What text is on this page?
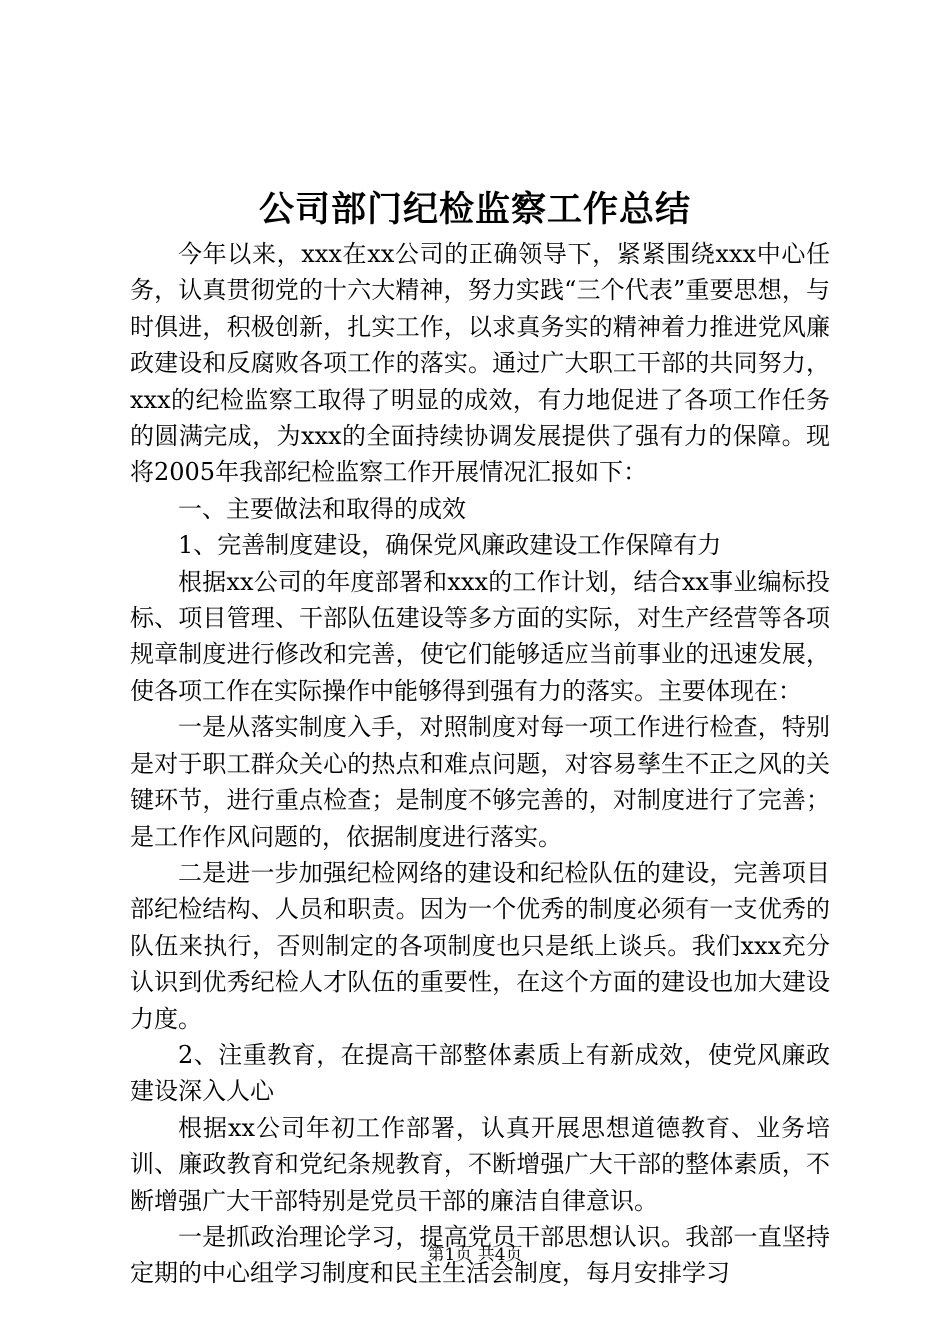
公司部门纪检监察工作总结

今年以来，xxx在xx公司的正确领导下，紧紧围绕xxx中心任务，认真贯彻党的十六大精神，努力实践“三个代表”重要思想，与时俱进，积极创新，扎实工作，以求真务实的精神着力推进党风廉政建设和反腐败各项工作的落实。通过广大职工干部的共同努力，xxx的纪检监察工取得了明显的成效，有力地促进了各项工作任务的圆满完成，为xxx的全面持续协调发展提供了强有力的保障。现将2005年我部纪检监察工作开展情况汇报如下：

一、主要做法和取得的成效

1、完善制度建设，确保党风廉政建设工作保障有力

根据xx公司的年度部署和xxx的工作计划，结合xx事业编标投标、项目管理、干部队伍建设等多方面的实际，对生产经营等各项规章制度进行修改和完善，使它们能够适应当前事业的迅速发展，使各项工作在实际操作中能够得到强有力的落实。主要体现在：

一是从落实制度入手，对照制度对每一项工作进行检查，特别是对于职工群众关心的热点和难点问题，对容易孳生不正之风的关键环节，进行重点检查；是制度不够完善的，对制度进行了完善；是工作作风问题的，依据制度进行落实。

二是进一步加强纪检网络的建设和纪检队伍的建设，完善项目部纪检结构、人员和职责。因为一个优秀的制度必须有一支优秀的队伍来执行，否则制定的各项制度也只是纸上谈兵。我们xxx充分认识到优秀纪检人才队伍的重要性，在这个方面的建设也加大建设力度。

2、注重教育，在提高干部整体素质上有新成效，使党风廉政建设深入人心

根据xx公司年初工作部署，认真开展思想道德教育、业务培训、廉政教育和党纪条规教育，不断增强广大干部的整体素质，不断增强广大干部特别是党员干部的廉洁自律意识。

一是抓政治理论学习，提高党员干部思想认识。我部一直坚持定期的中心组学习制度和民主生活会制度，每月安排学习

第1页 共4页
